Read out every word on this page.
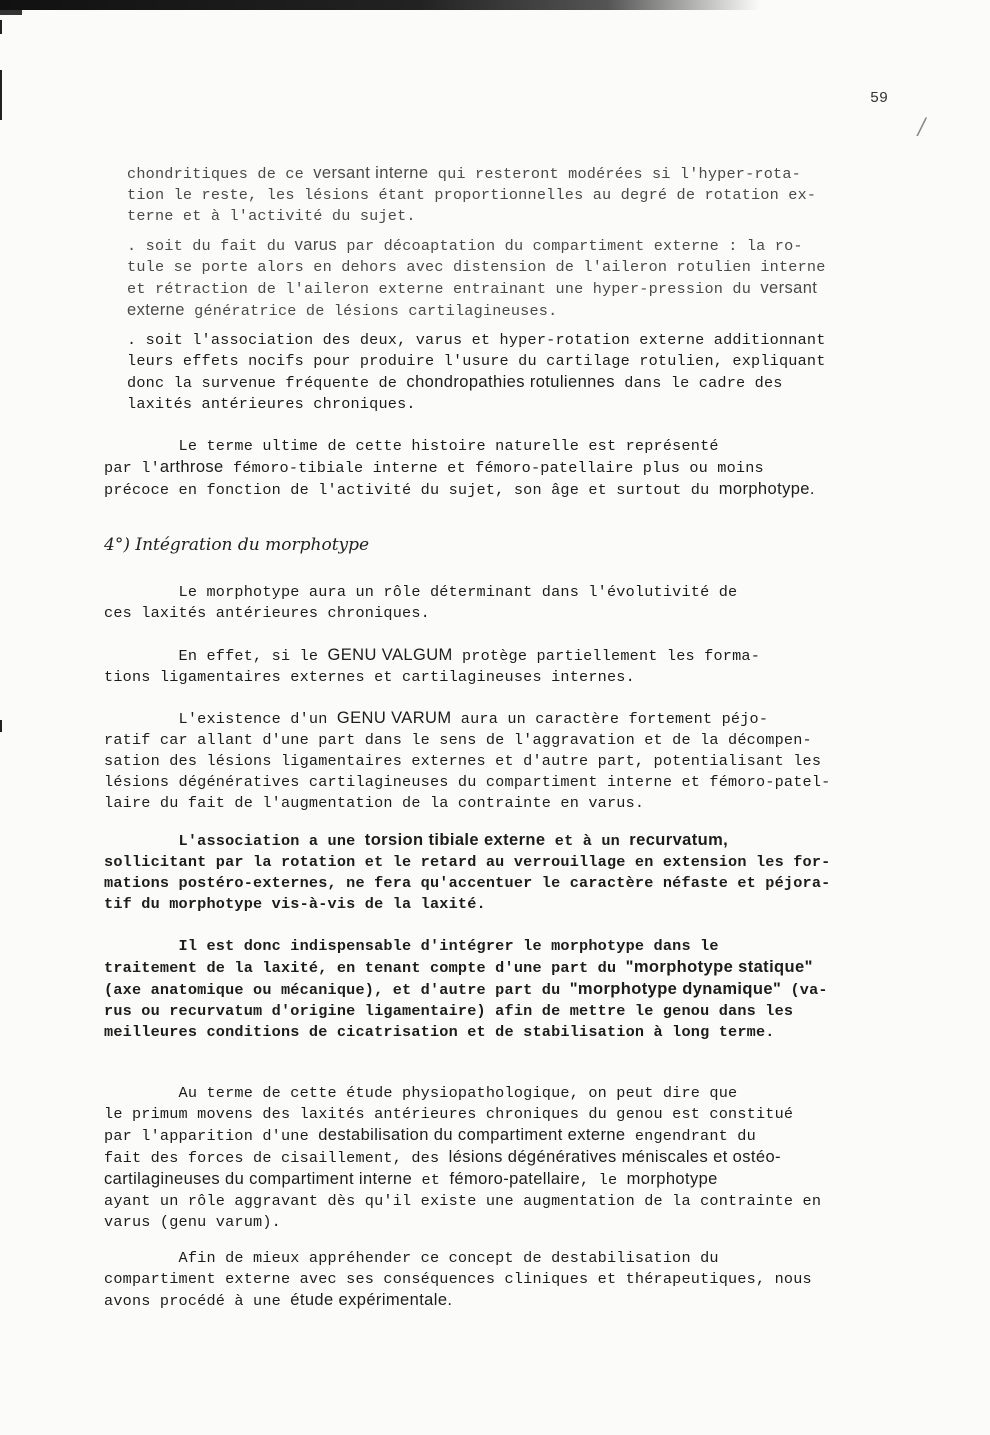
59
/
chondritiques de ce versant interne qui resteront modérées si l'hyper-rota-
tion le reste, les lésions étant proportionnelles au degré de rotation ex-
terne et à l'activité du sujet.
. soit du fait du varus par décoaptation du compartiment externe : la ro-
tule se porte alors en dehors avec distension de l'aileron rotulien interne
et rétraction de l'aileron externe entrainant une hyper-pression du versant
externe génératrice de lésions cartilagineuses.
. soit l'association des deux, varus et hyper-rotation externe additionnant
leurs effets nocifs pour produire l'usure du cartilage rotulien, expliquant
donc la survenue fréquente de chondropathies rotuliennes dans le cadre des
laxités antérieures chroniques.
Le terme ultime de cette histoire naturelle est représenté
par l'arthrose fémoro-tibiale interne et fémoro-patellaire plus ou moins
précoce en fonction de l'activité du sujet, son âge et surtout du morphotype.
4°) Intégration du morphotype
Le morphotype aura un rôle déterminant dans l'évolutivité de
ces laxités antérieures chroniques.
En effet, si le GENU VALGUM protège partiellement les forma-
tions ligamentaires externes et cartilagineuses internes.
L'existence d'un GENU VARUM aura un caractère fortement péjo-
ratif car allant d'une part dans le sens de l'aggravation et de la décompen-
sation des lésions ligamentaires externes et d'autre part, potentialisant les
lésions dégénératives cartilagineuses du compartiment interne et fémoro-patel-
laire du fait de l'augmentation de la contrainte en varus.
L'association a une torsion tibiale externe et à un recurvatum,
sollicitant par la rotation et le retard au verrouillage en extension les for-
mations postéro-externes, ne fera qu'accentuer le caractère néfaste et péjora-
tif du morphotype vis-à-vis de la laxité.
Il est donc indispensable d'intégrer le morphotype dans le
traitement de la laxité, en tenant compte d'une part du "morphotype statique"
(axe anatomique ou mécanique), et d'autre part du "morphotype dynamique" (va-
rus ou recurvatum d'origine ligamentaire) afin de mettre le genou dans les
meilleures conditions de cicatrisation et de stabilisation à long terme.
Au terme de cette étude physiopathologique, on peut dire que
le primum movens des laxités antérieures chroniques du genou est constitué
par l'apparition d'une destabilisation du compartiment externe engendrant du
fait des forces de cisaillement, des lésions dégénératives méniscales et ostéo-
cartilagineuses du compartiment interne et fémoro-patellaire, le morphotype
ayant un rôle aggravant dès qu'il existe une augmentation de la contrainte en
varus (genu varum).
Afin de mieux appréhender ce concept de destabilisation du
compartiment externe avec ses conséquences cliniques et thérapeutiques, nous
avons procédé à une étude expérimentale.
